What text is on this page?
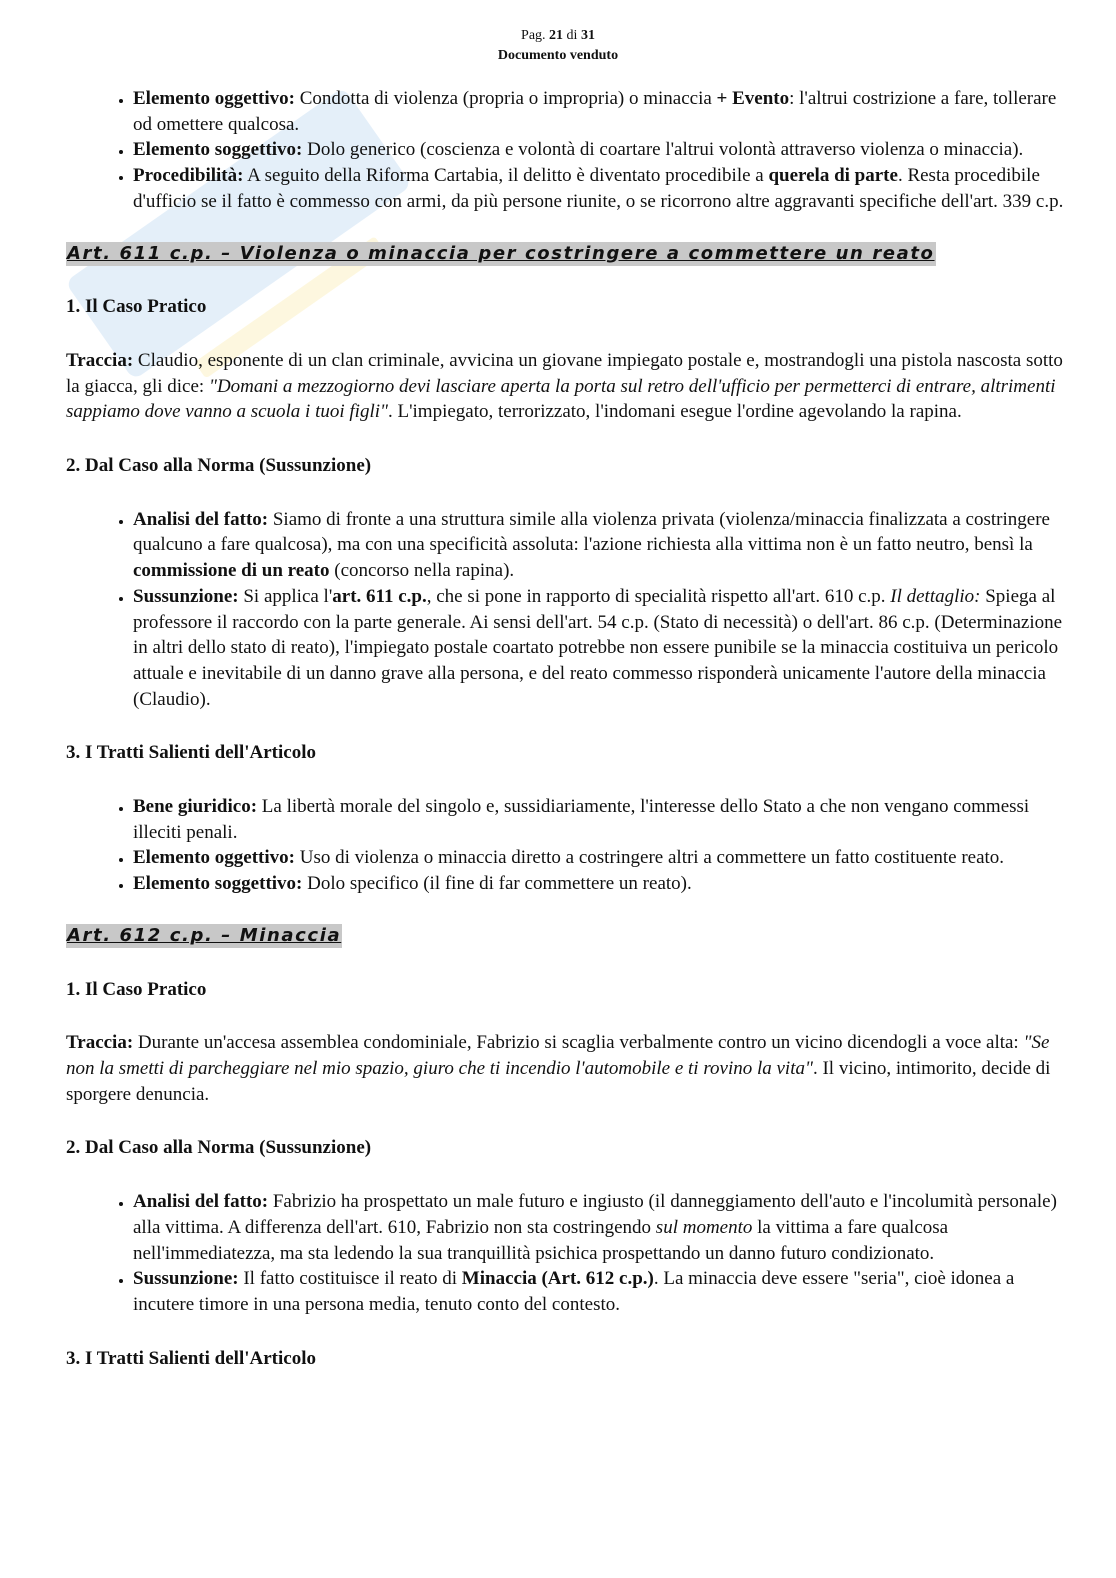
Pag. 21 di 31
Documento venduto
• Elemento oggettivo: Condotta di violenza (propria o impropria) o minaccia + Evento: l'altrui costrizione a fare, tollerare od omettere qualcosa.
• Elemento soggettivo: Dolo generico (coscienza e volontà di coartare l'altrui volontà attraverso violenza o minaccia).
• Procedibilità: A seguito della Riforma Cartabia, il delitto è diventato procedibile a querela di parte. Resta procedibile d'ufficio se il fatto è commesso con armi, da più persone riunite, o se ricorrono altre aggravanti specifiche dell'art. 339 c.p.

Art. 611 c.p. – Violenza o minaccia per costringere a commettere un reato

1. Il Caso Pratico

Traccia: Claudio, esponente di un clan criminale, avvicina un giovane impiegato postale e, mostrandogli una pistola nascosta sotto la giacca, gli dice: "Domani a mezzogiorno devi lasciare aperta la porta sul retro dell'ufficio per permetterci di entrare, altrimenti sappiamo dove vanno a scuola i tuoi figli". L'impiegato, terrorizzato, l'indomani esegue l'ordine agevolando la rapina.

2. Dal Caso alla Norma (Sussunzione)

• Analisi del fatto: Siamo di fronte a una struttura simile alla violenza privata (violenza/minaccia finalizzata a costringere qualcuno a fare qualcosa), ma con una specificità assoluta: l'azione richiesta alla vittima non è un fatto neutro, bensì la commissione di un reato (concorso nella rapina).
• Sussunzione: Si applica l'art. 611 c.p., che si pone in rapporto di specialità rispetto all'art. 610 c.p. Il dettaglio: Spiega al professore il raccordo con la parte generale. Ai sensi dell'art. 54 c.p. (Stato di necessità) o dell'art. 86 c.p. (Determinazione in altri dello stato di reato), l'impiegato postale coartato potrebbe non essere punibile se la minaccia costituiva un pericolo attuale e inevitabile di un danno grave alla persona, e del reato commesso risponderà unicamente l'autore della minaccia (Claudio).

3. I Tratti Salienti dell'Articolo

• Bene giuridico: La libertà morale del singolo e, sussidiariamente, l'interesse dello Stato a che non vengano commessi illeciti penali.
• Elemento oggettivo: Uso di violenza o minaccia diretto a costringere altri a commettere un fatto costituente reato.
• Elemento soggettivo: Dolo specifico (il fine di far commettere un reato).

Art. 612 c.p. – Minaccia

1. Il Caso Pratico

Traccia: Durante un'accesa assemblea condominiale, Fabrizio si scaglia verbalmente contro un vicino dicendogli a voce alta: "Se non la smetti di parcheggiare nel mio spazio, giuro che ti incendio l'automobile e ti rovino la vita". Il vicino, intimorito, decide di sporgere denuncia.

2. Dal Caso alla Norma (Sussunzione)

• Analisi del fatto: Fabrizio ha prospettato un male futuro e ingiusto (il danneggiamento dell'auto e l'incolumità personale) alla vittima. A differenza dell'art. 610, Fabrizio non sta costringendo sul momento la vittima a fare qualcosa nell'immediatezza, ma sta ledendo la sua tranquillità psichica prospettando un danno futuro condizionato.
• Sussunzione: Il fatto costituisce il reato di Minaccia (Art. 612 c.p.). La minaccia deve essere "seria", cioè idonea a incutere timore in una persona media, tenuto conto del contesto.

3. I Tratti Salienti dell'Articolo
